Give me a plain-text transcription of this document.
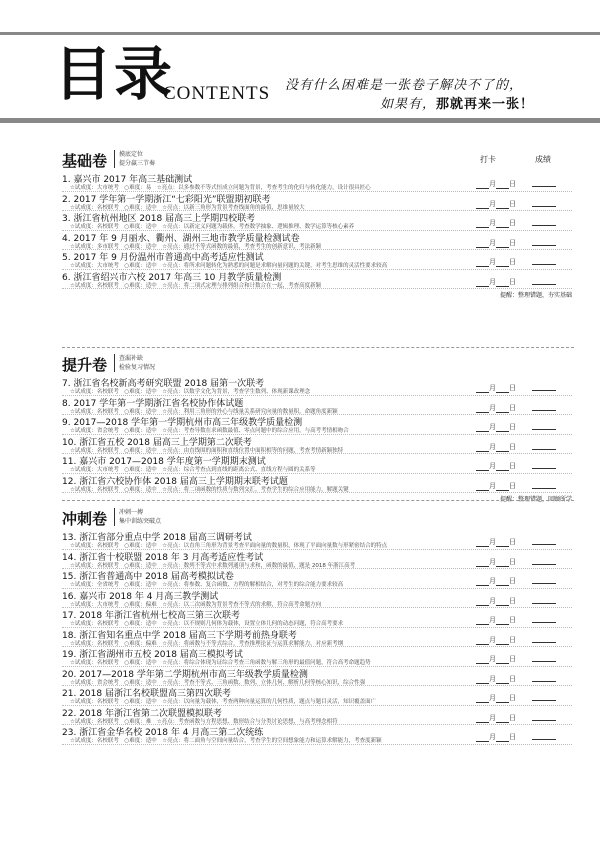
目录
CONTENTS 没有什么困难是一张卷子解决不了的，
如果有，那就再来一张！
基础卷 摸底定位
提分赢三节奏	打卡	成绩
1. 嘉兴市 2017 年高三基础测试
☆试成度：大市统考　○难度：易　☆亮点：以多参数不等式恒成立问题为背景，考查考生的化归与转化能力，设计很具匠心	月 日
2. 2017 学年第一学期浙江“七彩阳光”联盟期初联考
☆试成度：名校联考　○难度：适中　☆亮点：以新三角形为背景考查线面角的最值，思维量较大	月 日
3. 浙江省杭州地区 2018 届高三上学期四校联考
☆试成度：名校联考　○难度：适中　☆亮点：以新定义问题为载体，考查数学抽象、逻辑推理、数学运算等核心素养	月 日
4. 2017 年 9 月丽水、衢州、湖州三地市教学质量检测试卷
☆试成度：多市联考　○难度：适中　☆亮点：通过不等式函数的最值，考查考生的创新意识，考法新颖	月 日
5. 2017 年 9 月份温州市普通高中高考适应性测试
☆试成度：大市统考　○难度：适中　☆亮点：将所求问题转化为熟悉的问题是求解向量问题的关键，对考生思维的灵活性要求较高	月 日
6. 浙江省绍兴市六校 2017 年高三 10 月教学质量检测
☆试成度：名校联考　○难度：适中　☆亮点：将二项式定理与排列组合和计数合在一起，考查高度新颖	月 日
提醒：整理错题，夯实基础
提升卷 查漏补缺
检验复习情况
7. 浙江省名校新高考研究联盟 2018 届第一次联考
☆试成度：名校联考　○难度：适中　☆亮点：以数学文化为背景，考查学生数列、体现新课改理念	月 日
8. 2017 学年第一学期浙江省名校协作体试题
☆试成度：名校联考　○难度：适中　☆亮点：利用三角形的外心与线量关系研究向量的数量积，命题角度新颖	月 日
9. 2017—2018 学年第一学期杭州市高三年级教学质量检测
☆试成度：省会统考　○难度：适中　☆亮点：考查导数在求函数最值、零点问题中的综合应用，与高考考情相吻合	月 日
10. 浙江省五校 2018 届高三上学期第二次联考
☆试成度：名校联考　○难度：适中　☆亮点：由直线围的面积和直线位置中面积相等的问题，考查考情新颖独特	月 日
11. 嘉兴市 2017—2018 学年度第一学期期末测试
☆试成度：大市统考　○难度：适中　☆亮点：综合考查点到直线的距离公式、直线方程与圆的关系等	月 日
12. 浙江省六校协作体 2018 届高三上学期期末联考试题
☆试成度：名校联考　○难度：适中　☆亮点：将二项函数的性质与数列交汇，考查学生的综合应用能力，解题关键	月 日
提醒：整理错题，回顾所学
冲刺卷 冲刺一搏
集中训练突破点
13. 浙江省部分重点中学 2018 届高三调研考试
☆试成度：名校联考　○难度：适中　☆亮点：以直角三角形为背景考查平面向量的数量积，体现了平面向量数与形紧密结合的特点	月 日
14. 浙江省十校联盟 2018 年 3 月高考适应性考试
☆试成度：名校联考　○难度：适中　☆亮点：数列不等式中求数列通项与求和，函数的最值，题是 2018 年浙江高考	月 日
15. 浙江省普通高中 2018 届高考模拟试卷
☆试成度：全省统考　○难度：适中　☆亮点：将参数、复合函数、方程的解相结合，对考生的综合能力要求较高	月 日
16. 嘉兴市 2018 年 4 月高三教学测试
☆试成度：大市统考　○难度：偏难　☆亮点：以二次函数为背景考查不等式的求解，符合高考命题方向	月 日
17. 2018 年浙江省杭州七校高三第三次联考
☆试成度：名校联考　○难度：适中　☆亮点：以不规则几何体为载体，设置立体几何的动态问题，符合高考要求	月 日
18. 浙江省知名重点中学 2018 届高三下学期考前热身联考
☆试成度：名校联考　○难度：偏难　☆亮点：将函数与不等式综合，考查推理论证与运算求解能力，对应新考纲	月 日
19. 浙江省湖州市五校 2018 届高三模拟考试
☆试成度：名校联考　○难度：适中　☆亮点：将综合体现为证综合考查三角函数与解三角形的最值问题，符合高考命题趋势	月 日
20. 2017—2018 学年第二学期杭州市高三年级教学质量检测
☆试成度：省会统考　○难度：适中　☆亮点：考查不等式、三角函数、数列、立体几何、解析几何等核心知识，综合性强	月 日
21. 2018 届浙江名校联盟高三第四次联考
☆试成度：名校联考　○难度：适中　☆亮点：以向量为载体，考查两种向量运算的几何性质，题点与题目灵活，知识覆盖面广	月 日
22. 2018 年浙江省第二次联盟模拟联考
☆试成度：名校联考　○难度：难　☆亮点：考查函数与方程思想、数形结合与分类讨论思想，与高考理念相符	月 日
23. 浙江省金华名校 2018 年 4 月高三第二次统练
☆试成度：名校联考　○难度：适中　☆亮点：将二面角与空间向量结合，考查学生的空间想象能力和运算求解能力，考查度新颖	月 日
